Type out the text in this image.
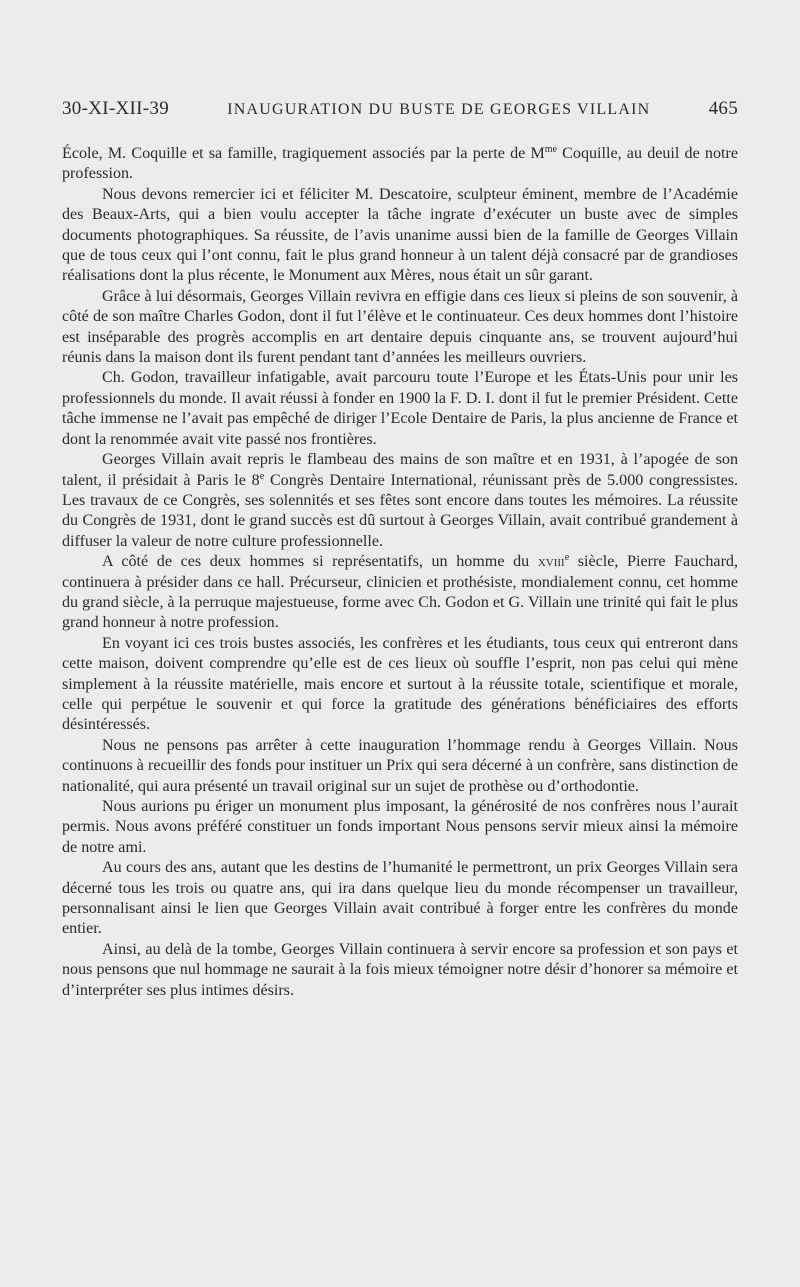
30-XI-XII-39	INAUGURATION DU BUSTE DE GEORGES VILLAIN	465

École, M. Coquille et sa famille, tragiquement associés par la perte de $M^{me}$ Coquille, au deuil de notre profession.

Nous devons remercier ici et féliciter M. Descatoire, sculpteur éminent, membre de l’Académie des Beaux-Arts, qui a bien voulu accepter la tâche ingrate d’exécuter un buste avec de simples documents photographiques. Sa réussite, de l’avis unanime aussi bien de la famille de Georges Villain que de tous ceux qui l’ont connu, fait le plus grand honneur à un talent déjà consacré par de grandioses réalisations dont la plus récente, le Monument aux Mères, nous était un sûr garant.

Grâce à lui désormais, Georges Villain revivra en effigie dans ces lieux si pleins de son souvenir, à côté de son maître Charles Godon, dont il fut l’élève et le continuateur. Ces deux hommes dont l’histoire est inséparable des progrès accomplis en art dentaire depuis cinquante ans, se trouvent aujourd’hui réunis dans la maison dont ils furent pendant tant d’années les meilleurs ouvriers.

Ch. Godon, travailleur infatigable, avait parcouru toute l’Europe et les États-Unis pour unir les professionnels du monde. Il avait réussi à fonder en 1900 la F. D. I. dont il fut le premier Président. Cette tâche immense ne l’avait pas empêché de diriger l’Ecole Dentaire de Paris, la plus ancienne de France et dont la renommée avait vite passé nos frontières.

Georges Villain avait repris le flambeau des mains de son maître et en 1931, à l’apogée de son talent, il présidait à Paris le 8e Congrès Dentaire International, réunissant près de 5.000 congressistes. Les travaux de ce Congrès, ses solennités et ses fêtes sont encore dans toutes les mémoires. La réussite du Congrès de 1931, dont le grand succès est dû surtout à Georges Villain, avait contribué grandement à diffuser la valeur de notre culture professionnelle.

A côté de ces deux hommes si représentatifs, un homme du xviii$^e$ siècle, Pierre Fauchard, continuera à présider dans ce hall. Précurseur, clinicien et prothésiste, mondialement connu, cet homme du grand siècle, à la perruque majestueuse, forme avec Ch. Godon et G. Villain une trinité qui fait le plus grand honneur à notre profession.

En voyant ici ces trois bustes associés, les confrères et les étudiants, tous ceux qui entreront dans cette maison, doivent comprendre qu’elle est de ces lieux où souffle l’esprit, non pas celui qui mène simplement à la réussite matérielle, mais encore et surtout à la réussite totale, scientifique et morale, celle qui perpétue le souvenir et qui force la gratitude des générations bénéficiaires des efforts désintéressés.

Nous ne pensons pas arrêter à cette inauguration l’hommage rendu à Georges Villain. Nous continuons à recueillir des fonds pour instituer un Prix qui sera décerné à un confrère, sans distinction de nationalité, qui aura présenté un travail original sur un sujet de prothèse ou d’orthodontie.

Nous aurions pu ériger un monument plus imposant, la générosité de nos confrères nous l’aurait permis. Nous avons préféré constituer un fonds important Nous pensons servir mieux ainsi la mémoire de notre ami.

Au cours des ans, autant que les destins de l’humanité le permettront, un prix Georges Villain sera décerné tous les trois ou quatre ans, qui ira dans quelque lieu du monde récompenser un travailleur, personnalisant ainsi le lien que Georges Villain avait contribué à forger entre les confrères du monde entier.

Ainsi, au delà de la tombe, Georges Villain continuera à servir encore sa profession et son pays et nous pensons que nul hommage ne saurait à la fois mieux témoigner notre désir d’honorer sa mémoire et d’interpréter ses plus intimes désirs.
